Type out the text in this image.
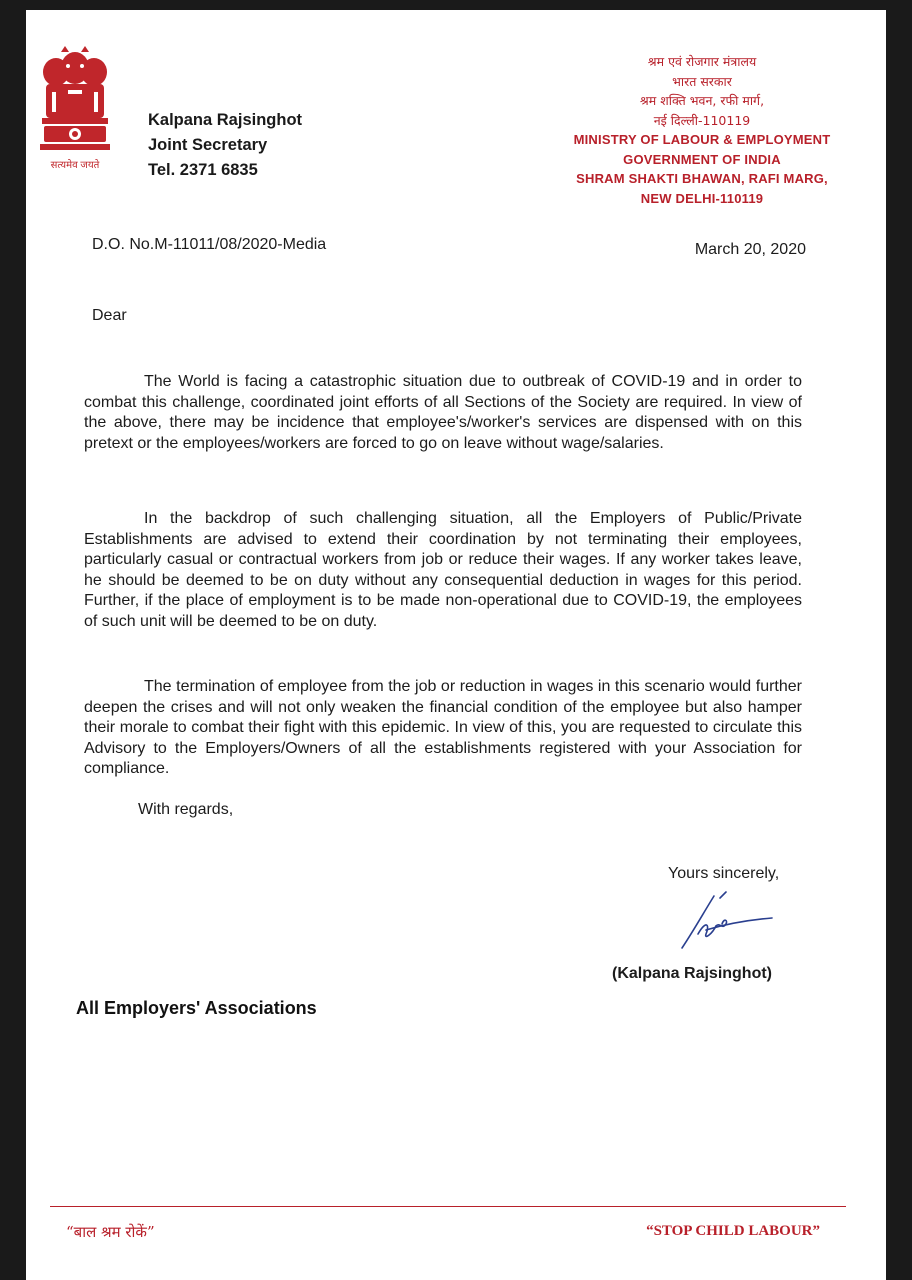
सत्यमेव जयते
Kalpana Rajsinghot
Joint Secretary
Tel. 2371 6835
श्रम एवं रोजगार मंत्रालय
भारत सरकार
श्रम शक्ति भवन, रफी मार्ग,
नई दिल्ली-110119
MINISTRY OF LABOUR & EMPLOYMENT
GOVERNMENT OF INDIA
SHRAM SHAKTI BHAWAN, RAFI MARG,
NEW DELHI-110119
D.O. No.M-11011/08/2020-Media	March 20, 2020
Dear

The World is facing a catastrophic situation due to outbreak of COVID-19 and in order to combat this challenge, coordinated joint efforts of all Sections of the Society are required. In view of the above, there may be incidence that employee's/worker's services are dispensed with on this pretext or the employees/workers are forced to go on leave without wage/salaries.

In the backdrop of such challenging situation, all the Employers of Public/Private Establishments are advised to extend their coordination by not terminating their employees, particularly casual or contractual workers from job or reduce their wages. If any worker takes leave, he should be deemed to be on duty without any consequential deduction in wages for this period. Further, if the place of employment is to be made non-operational due to COVID-19, the employees of such unit will be deemed to be on duty.

The termination of employee from the job or reduction in wages in this scenario would further deepen the crises and will not only weaken the financial condition of the employee but also hamper their morale to combat their fight with this epidemic. In view of this, you are requested to circulate this Advisory to the Employers/Owners of all the establishments registered with your Association for compliance.

With regards,
Yours sincerely,
(Kalpana Rajsinghot)
All Employers' Associations
“बाल श्रम रोकें”	“STOP CHILD LABOUR”
